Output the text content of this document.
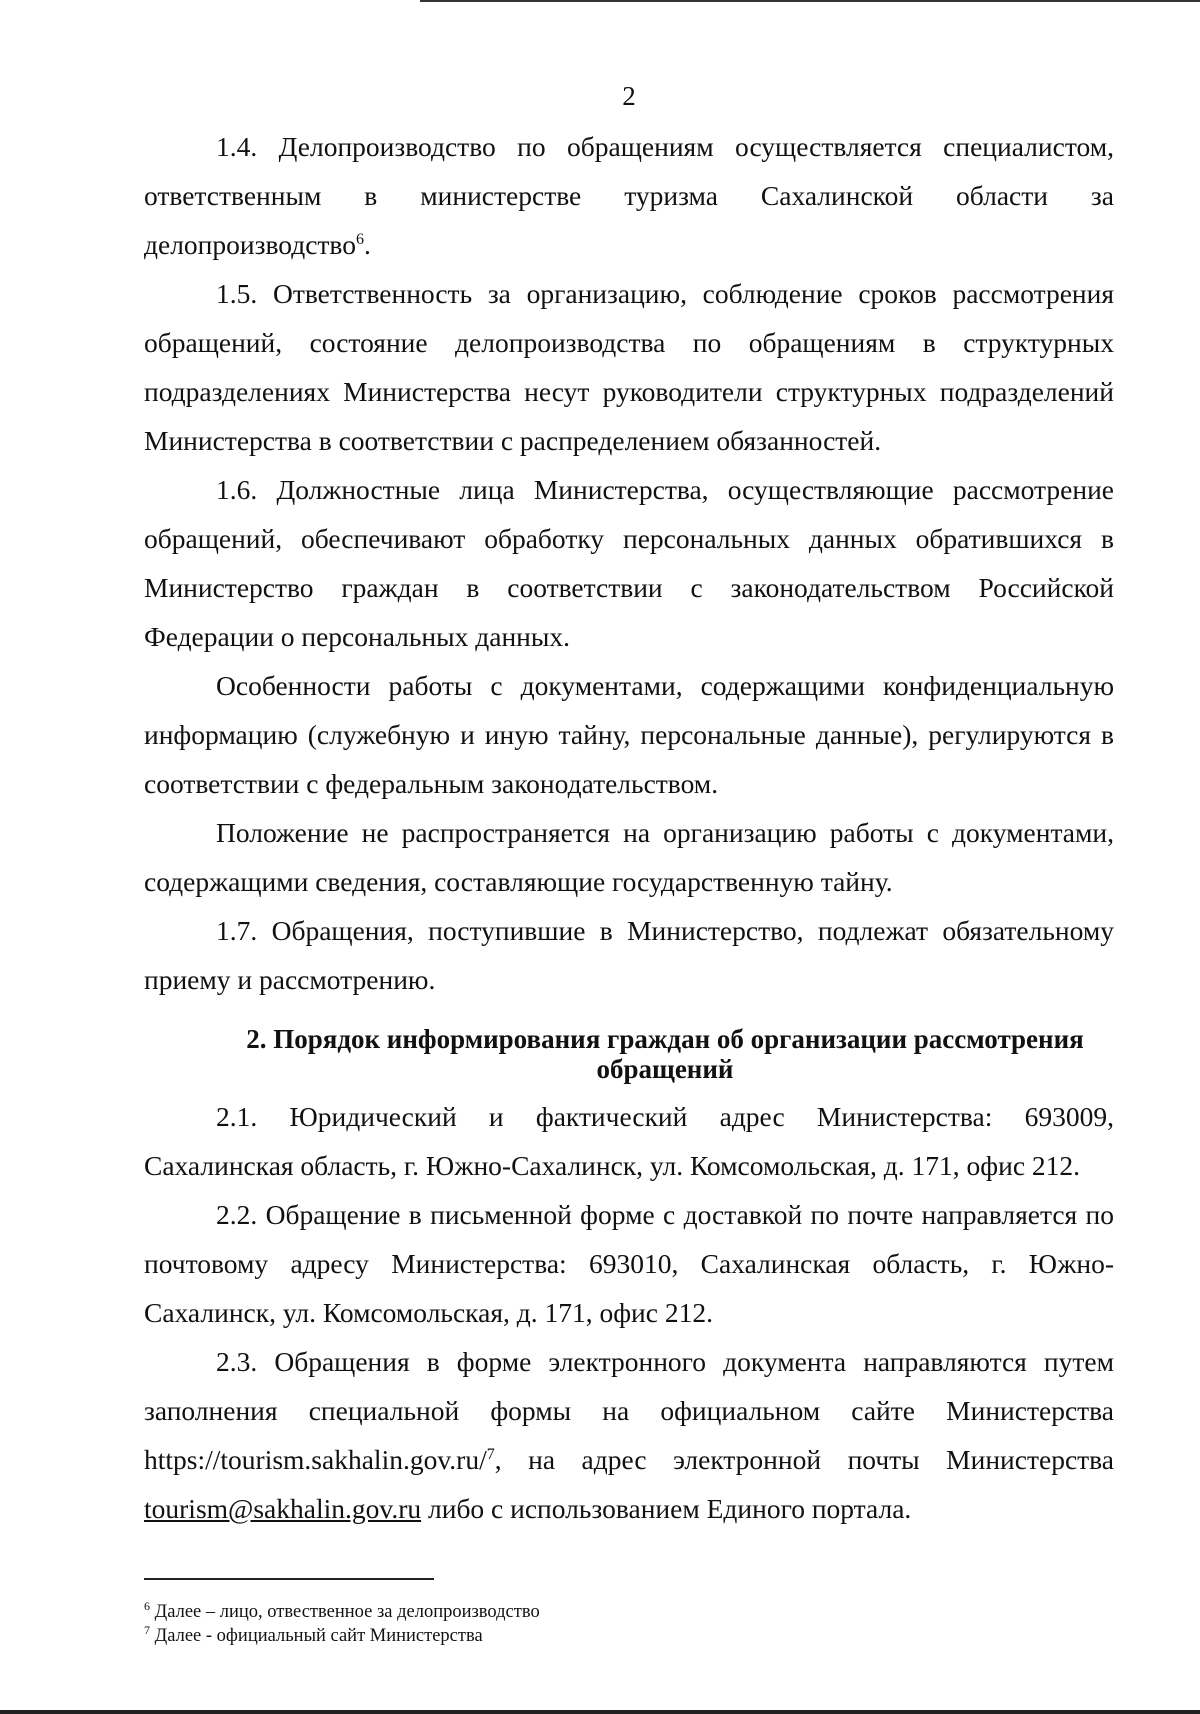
2

1.4. Делопроизводство по обращениям осуществляется специалистом, ответственным в министерстве туризма Сахалинской области за делопроизводство$^6$.

1.5. Ответственность за организацию, соблюдение сроков рассмотрения обращений, состояние делопроизводства по обращениям в структурных подразделениях Министерства несут руководители структурных подразделений Министерства в соответствии с распределением обязанностей.

1.6. Должностные лица Министерства, осуществляющие рассмотрение обращений, обеспечивают обработку персональных данных обратившихся в Министерство граждан в соответствии с законодательством Российской Федерации о персональных данных.

Особенности работы с документами, содержащими конфиденциальную информацию (служебную и иную тайну, персональные данные), регулируются в соответствии с федеральным законодательством.

Положение не распространяется на организацию работы с документами, содержащими сведения, составляющие государственную тайну.

1.7. Обращения, поступившие в Министерство, подлежат обязательному приему и рассмотрению.

2. Порядок информирования граждан об организации рассмотрения обращений

2.1. Юридический и фактический адрес Министерства: 693009, Сахалинская область, г. Южно-Сахалинск, ул. Комсомольская, д. 171, офис 212.

2.2. Обращение в письменной форме с доставкой по почте направляется по почтовому адресу Министерства: 693010, Сахалинская область, г. Южно-Сахалинск, ул. Комсомольская, д. 171, офис 212.

2.3. Обращения в форме электронного документа направляются путем заполнения специальной формы на официальном сайте Министерства https://tourism.sakhalin.gov.ru/$^7$, на адрес электронной почты Министерства tourism@sakhalin.gov.ru либо с использованием Единого портала.

$^6$ Далее – лицо, отвественное за делопроизводство
$^7$ Далее - официальный сайт Министерства
